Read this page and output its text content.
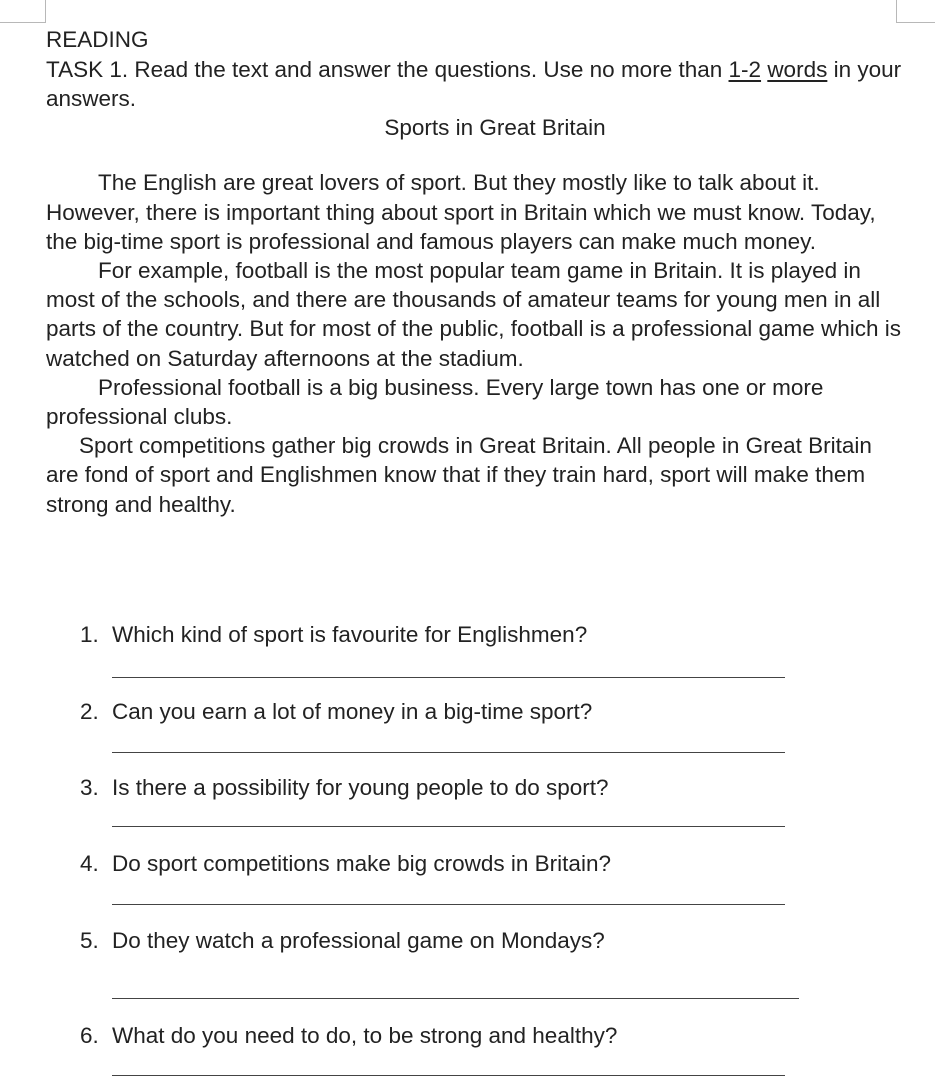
READING

TASK 1. Read the text and answer the questions. Use no more than 1-2 words in your answers.

Sports in Great Britain

The English are great lovers of sport. But they mostly like to talk about it. However, there is important thing about sport in Britain which we must know. Today, the big-time sport is professional and famous players can make much money.

For example, football is the most popular team game in Britain. It is played in most of the schools, and there are thousands of amateur teams for young men in all parts of the country. But for most of the public, football is a professional game which is watched on Saturday afternoons at the stadium.

Professional football is a big business. Every large town has one or more professional clubs.

Sport competitions gather big crowds in Great Britain. All people in Great Britain are fond of sport and Englishmen know that if they train hard, sport will make them strong and healthy.

1. Which kind of sport is favourite for Englishmen?
2. Can you earn a lot of money in a big-time sport?
3. Is there a possibility for young people to do sport?
4. Do sport competitions make big crowds in Britain?
5. Do they watch a professional game on Mondays?
6. What do you need to do, to be strong and healthy?
